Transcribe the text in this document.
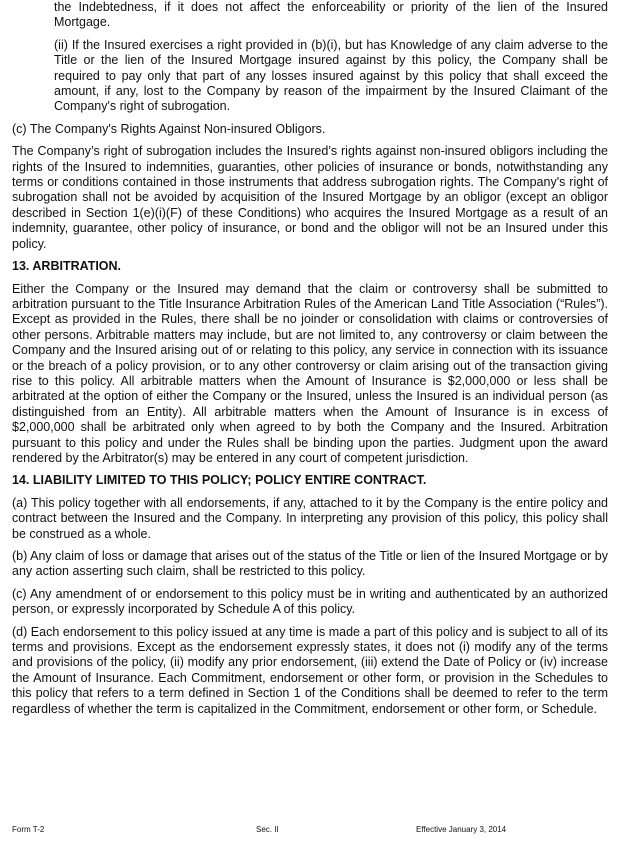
the Indebtedness, if it does not affect the enforceability or priority of the lien of the Insured Mortgage.

(ii) If the Insured exercises a right provided in (b)(i), but has Knowledge of any claim adverse to the Title or the lien of the Insured Mortgage insured against by this policy, the Company shall be required to pay only that part of any losses insured against by this policy that shall exceed the amount, if any, lost to the Company by reason of the impairment by the Insured Claimant of the Company's right of subrogation.

(c) The Company's Rights Against Non-insured Obligors.

The Company’s right of subrogation includes the Insured’s rights against non-insured obligors including the rights of the Insured to indemnities, guaranties, other policies of insurance or bonds, notwithstanding any terms or conditions contained in those instruments that address subrogation rights. The Company's right of subrogation shall not be avoided by acquisition of the Insured Mortgage by an obligor (except an obligor described in Section 1(e)(i)(F) of these Conditions) who acquires the Insured Mortgage as a result of an indemnity, guarantee, other policy of insurance, or bond and the obligor will not be an Insured under this policy.

13. ARBITRATION.

Either the Company or the Insured may demand that the claim or controversy shall be submitted to arbitration pursuant to the Title Insurance Arbitration Rules of the American Land Title Association (“Rules”). Except as provided in the Rules, there shall be no joinder or consolidation with claims or controversies of other persons. Arbitrable matters may include, but are not limited to, any controversy or claim between the Company and the Insured arising out of or relating to this policy, any service in connection with its issuance or the breach of a policy provision, or to any other controversy or claim arising out of the transaction giving rise to this policy. All arbitrable matters when the Amount of Insurance is $2,000,000 or less shall be arbitrated at the option of either the Company or the Insured, unless the Insured is an individual person (as distinguished from an Entity). All arbitrable matters when the Amount of Insurance is in excess of $2,000,000 shall be arbitrated only when agreed to by both the Company and the Insured. Arbitration pursuant to this policy and under the Rules shall be binding upon the parties. Judgment upon the award rendered by the Arbitrator(s) may be entered in any court of competent jurisdiction.

14. LIABILITY LIMITED TO THIS POLICY; POLICY ENTIRE CONTRACT.

(a) This policy together with all endorsements, if any, attached to it by the Company is the entire policy and contract between the Insured and the Company. In interpreting any provision of this policy, this policy shall be construed as a whole.

(b) Any claim of loss or damage that arises out of the status of the Title or lien of the Insured Mortgage or by any action asserting such claim, shall be restricted to this policy.

(c) Any amendment of or endorsement to this policy must be in writing and authenticated by an authorized person, or expressly incorporated by Schedule A of this policy.

(d) Each endorsement to this policy issued at any time is made a part of this policy and is subject to all of its terms and provisions. Except as the endorsement expressly states, it does not (i) modify any of the terms and provisions of the policy, (ii) modify any prior endorsement, (iii) extend the Date of Policy or (iv) increase the Amount of Insurance. Each Commitment, endorsement or other form, or provision in the Schedules to this policy that refers to a term defined in Section 1 of the Conditions shall be deemed to refer to the term regardless of whether the term is capitalized in the Commitment, endorsement or other form, or Schedule.

Form T-2	Sec. II	Effective January 3, 2014
